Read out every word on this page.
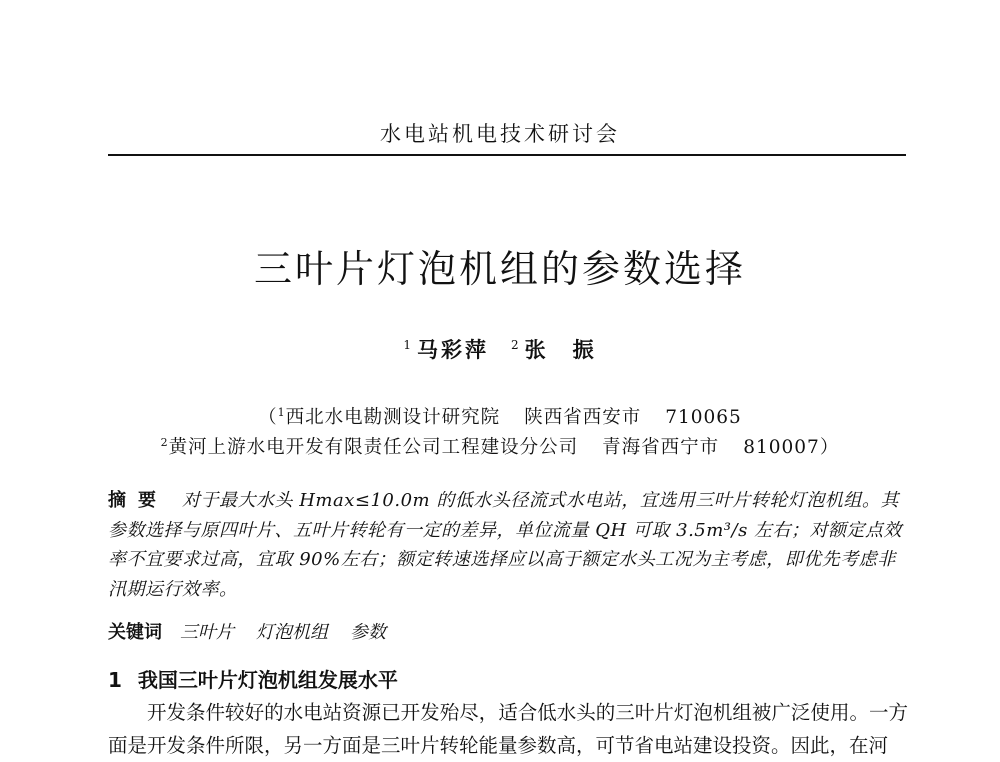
水电站机电技术研讨会
三叶片灯泡机组的参数选择
$^1$ 马彩萍 $^2$ 张　振
（$^1$西北水电勘测设计研究院 陕西省西安市 710065
$^2$黄河上游水电开发有限责任公司工程建设分公司 青海省西宁市 810007）
摘要 对于最大水头 Hmax≤10.0m 的低水头径流式水电站，宜选用三叶片转轮灯泡机组。其参数选择与原四叶片、五叶片转轮有一定的差异，单位流量 QH 可取 3.5m³/s 左右；对额定点效率不宜要求过高，宜取 90%左右；额定转速选择应以高于额定水头工况为主考虑，即优先考虑非汛期运行效率。
关键词 三叶片 灯泡机组 参数
1 我国三叶片灯泡机组发展水平

开发条件较好的水电站资源已开发殆尽，适合低水头的三叶片灯泡机组被广泛使用。一方面是开发条件所限，另一方面是三叶片转轮能量参数高，可节省电站建设投资。因此，在河
